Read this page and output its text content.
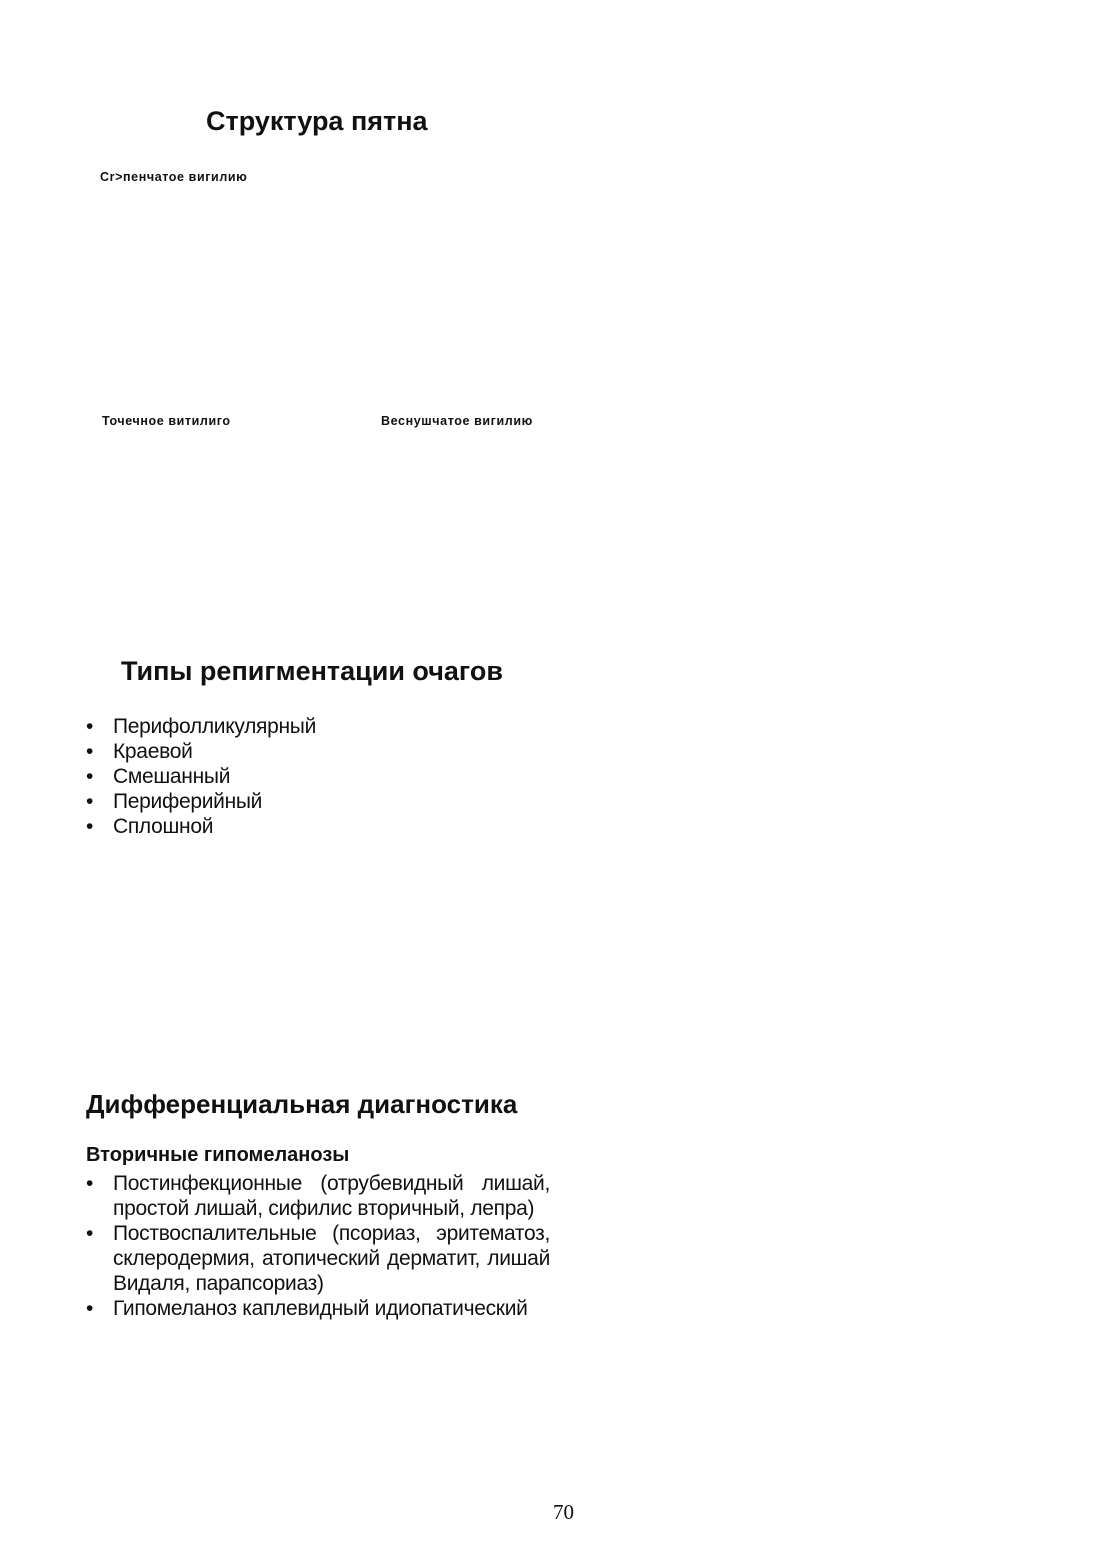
Структура пятна
Cr>пенчатое вигилию
Точечное витилиго	Веснушчатое вигилию
Типы репигментации очагов
• Перифолликулярный
• Краевой
• Смешанный
• Периферийный
• Сплошной
Дифференциальная диагностика
Вторичные гипомеланозы
• Постинфекционные (отрубевидный лишай, простой лишай, сифилис вторичный, лепра)
• Поствоспалительные (псориаз, эритематоз, склеродермия, атопический дерматит, лишай Видаля, парапсориаз)
• Гипомеланоз каплевидный идиопатический
70
